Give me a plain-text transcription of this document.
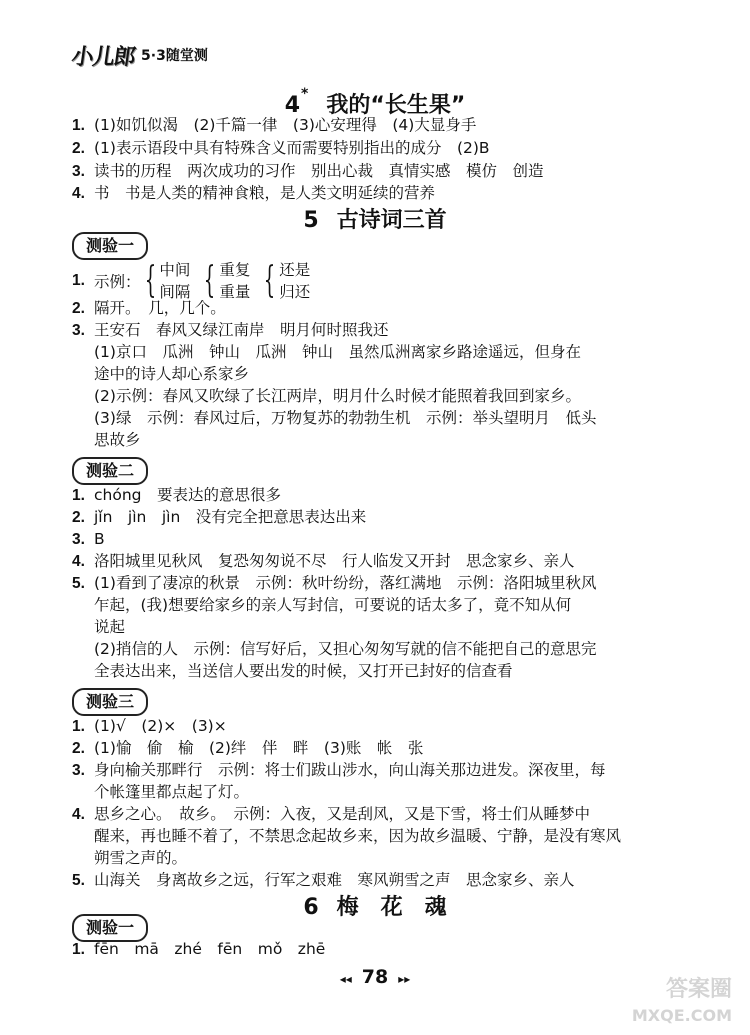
小儿郎 5·3随堂测
4* 我的“长生果”
1. (1)如饥似渴　(2)千篇一律　(3)心安理得　(4)大显身手
2. (1)表示语段中具有特殊含义而需要特别指出的成分　(2)B
3. 读书的历程　两次成功的习作　别出心裁　真情实感　模仿　创造
4. 书　书是人类的精神食粮，是人类文明延续的营养
5 古诗词三首
测验一
1. 示例： { 中间
间隔 { 重复
重量 { 还是
归还
2. 隔开。　几，几个。
3. 王安石　春风又绿江南岸　明月何时照我还
(1)京口　瓜洲　钟山　瓜洲　钟山　虽然瓜洲离家乡路途遥远，但身在
途中的诗人却心系家乡
(2)示例：春风又吹绿了长江两岸，明月什么时候才能照着我回到家乡。
(3)绿　示例：春风过后，万物复苏的勃勃生机　示例：举头望明月　低头
思故乡
测验二
1. chóng　要表达的意思很多
2. jǐn　jìn　jìn　没有完全把意思表达出来
3. B
4. 洛阳城里见秋风　复恐匆匆说不尽　行人临发又开封　思念家乡、亲人
5. (1)看到了凄凉的秋景　示例：秋叶纷纷，落红满地　示例：洛阳城里秋风
乍起，(我)想要给家乡的亲人写封信，可要说的话太多了，竟不知从何
说起
(2)捎信的人　示例：信写好后，又担心匆匆写就的信不能把自己的意思完
全表达出来，当送信人要出发的时候，又打开已封好的信查看
测验三
1. (1)√　(2)×　(3)×
2. (1)愉　偷　榆　(2)绊　伴　畔　(3)账　帐　张
3. 身向榆关那畔行　示例：将士们跋山涉水，向山海关那边进发。深夜里，每
个帐篷里都点起了灯。
4. 思乡之心。　故乡。　示例：入夜，又是刮风，又是下雪，将士们从睡梦中
醒来，再也睡不着了，不禁思念起故乡来，因为故乡温暖、宁静，是没有寒风
朔雪之声的。
5. 山海关　身离故乡之远，行军之艰难　寒风朔雪之声　思念家乡、亲人
6 梅　花　魂
测验一
1. fēn　mā　zhé　fēn　mǒ　zhē
◂◂ 78 ▸▸	答案圈
MXQE.COM
